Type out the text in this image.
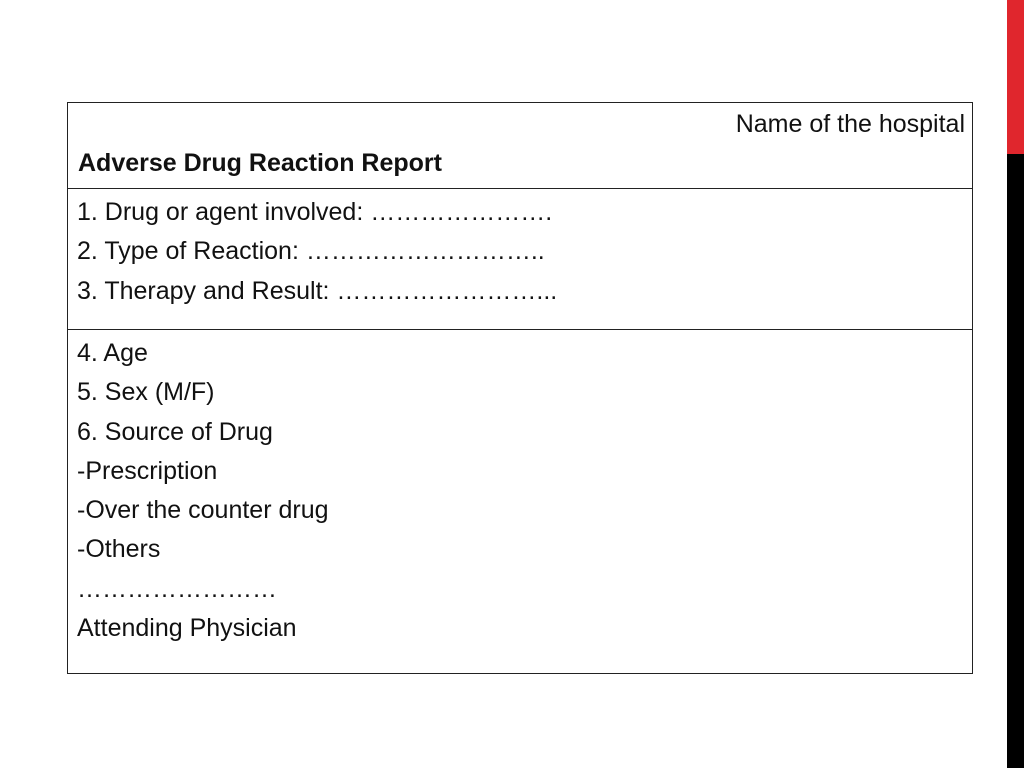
Name of the hospital
Adverse Drug Reaction Report
1. Drug or agent involved: ………………….
2. Type of Reaction: ………………………..
3. Therapy and Result: ……………………...
4. Age
5. Sex (M/F)
6. Source of Drug
-Prescription
-Over the counter drug
-Others
……………………
Attending Physician
